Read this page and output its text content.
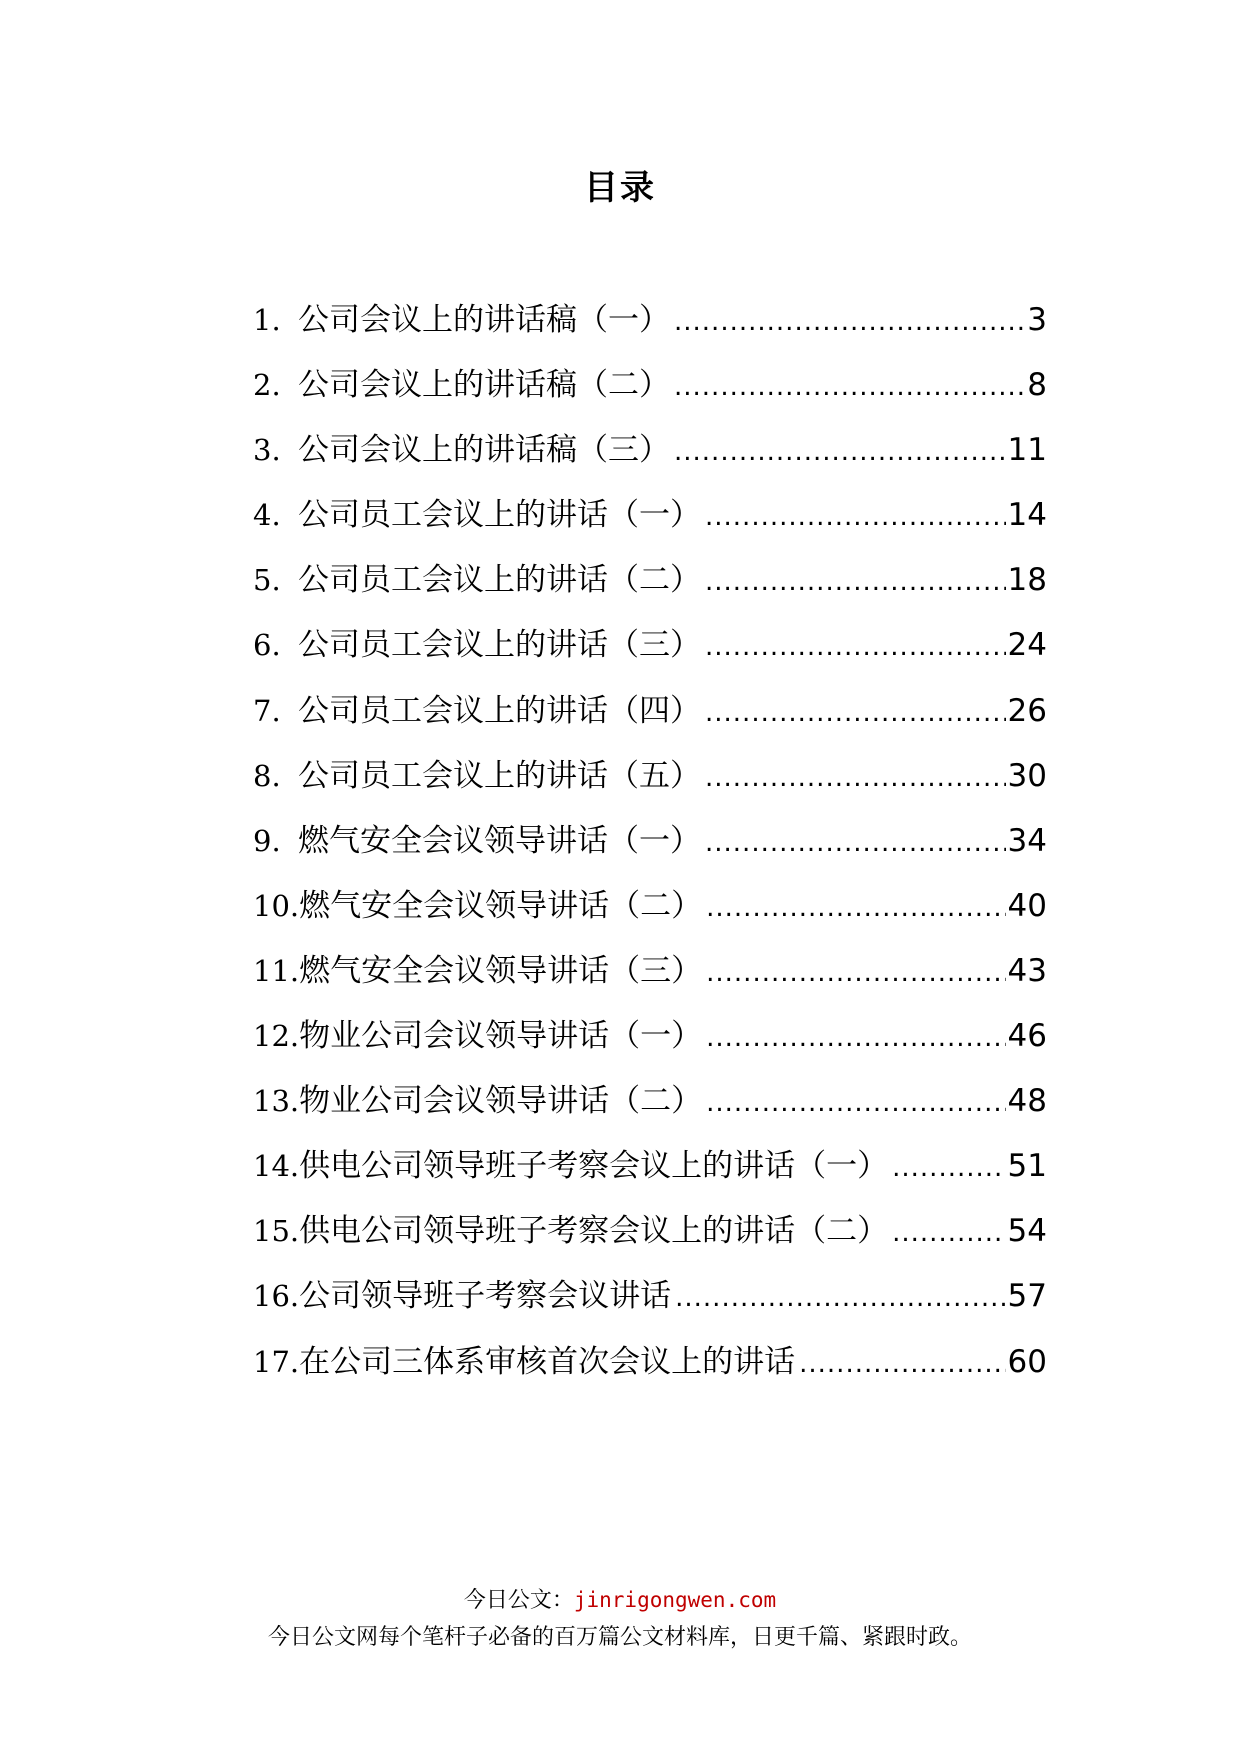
目录
1. 公司会议上的讲话稿（一） .....	3
2. 公司会议上的讲话稿（二） .....	8
3. 公司会议上的讲话稿（三） .....	11
4. 公司员工会议上的讲话（一） .....	14
5. 公司员工会议上的讲话（二） .....	18
6. 公司员工会议上的讲话（三） .....	24
7. 公司员工会议上的讲话（四） .....	26
8. 公司员工会议上的讲话（五） .....	30
9. 燃气安全会议领导讲话（一） .....	34
10. 燃气安全会议领导讲话（二） .....	40
11. 燃气安全会议领导讲话（三） .....	43
12. 物业公司会议领导讲话（一） .....	46
13. 物业公司会议领导讲话（二） .....	48
14. 供电公司领导班子考察会议上的讲话（一） .....	51
15. 供电公司领导班子考察会议上的讲话（二） .....	54
16. 公司领导班子考察会议讲话 .....	57
17. 在公司三体系审核首次会议上的讲话 .....	60
今日公文：jinrigongwen.com
今日公文网每个笔杆子必备的百万篇公文材料库，日更千篇、紧跟时政。
